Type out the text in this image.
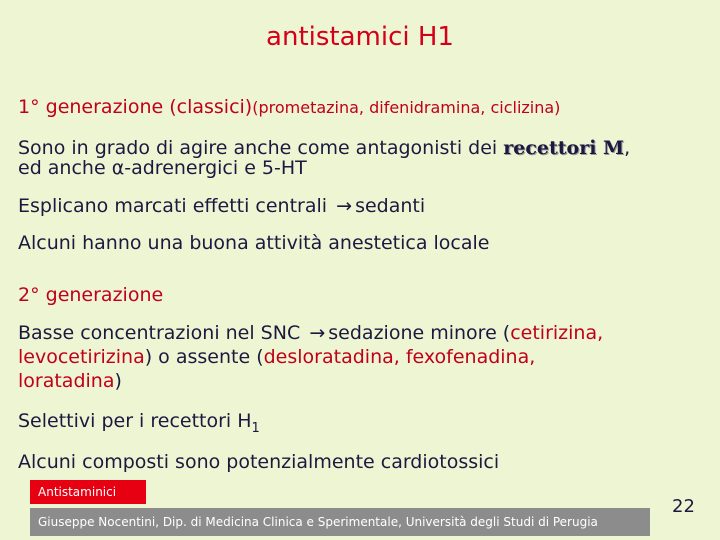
antistamici H1
1° generazione (classici)(prometazina, difenidramina, ciclizina)
Sono in grado di agire anche come antagonisti dei recettori M,
ed anche α-adrenergici e 5-HT
Esplicano marcati effetti centrali → sedanti
Alcuni hanno una buona attività anestetica locale
2° generazione
Basse concentrazioni nel SNC → sedazione minore (cetirizina,
levocetirizina) o assente (desloratadina, fexofenadina,
loratadina)
Selettivi per i recettori $H_1$
Alcuni composti sono potenzialmente cardiotossici
Antistaminici
Giuseppe Nocentini, Dip. di Medicina Clinica e Sperimentale, Università degli Studi di Perugia
22
